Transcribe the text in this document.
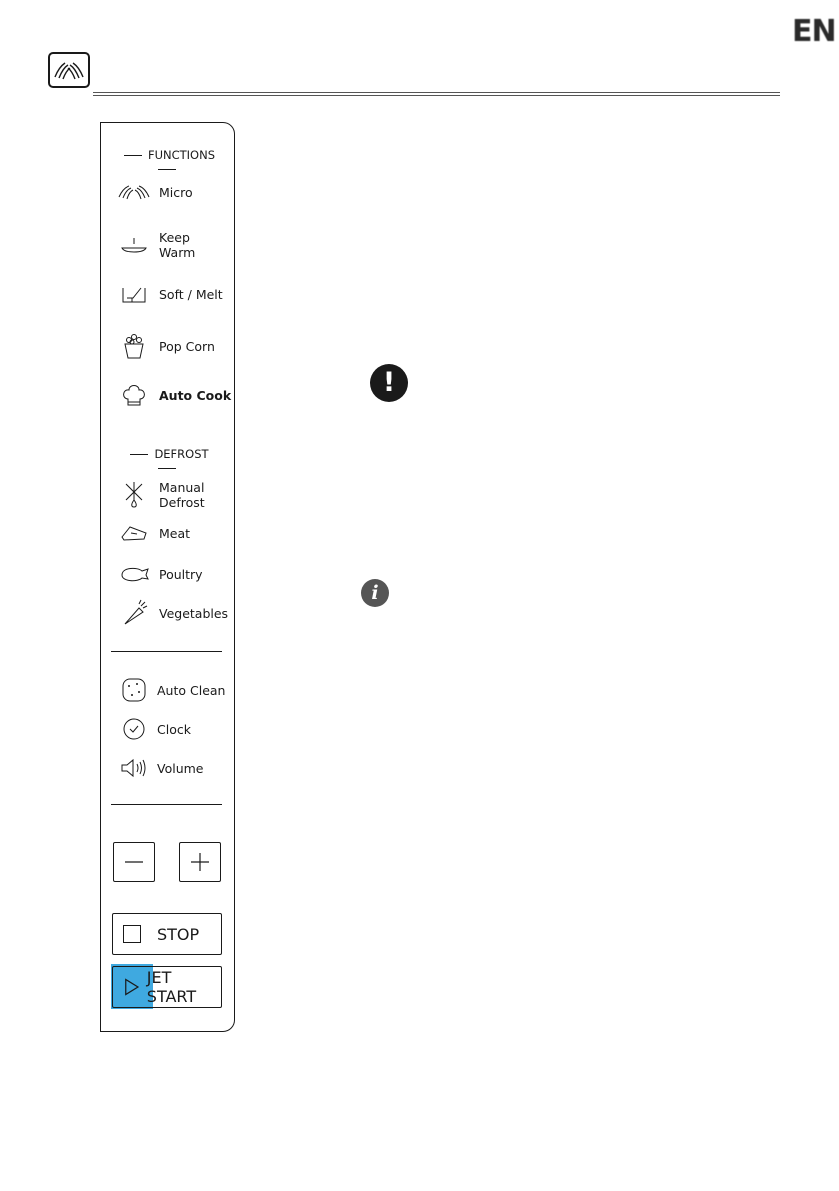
EN
FUNCTIONS
Micro
Keep Warm
Soft / Melt
Pop Corn
Auto Cook
DEFROST
Manual Defrost
Meat
Poultry
Vegetables
Auto Clean
Clock
Volume
STOP
JET START
!
i
